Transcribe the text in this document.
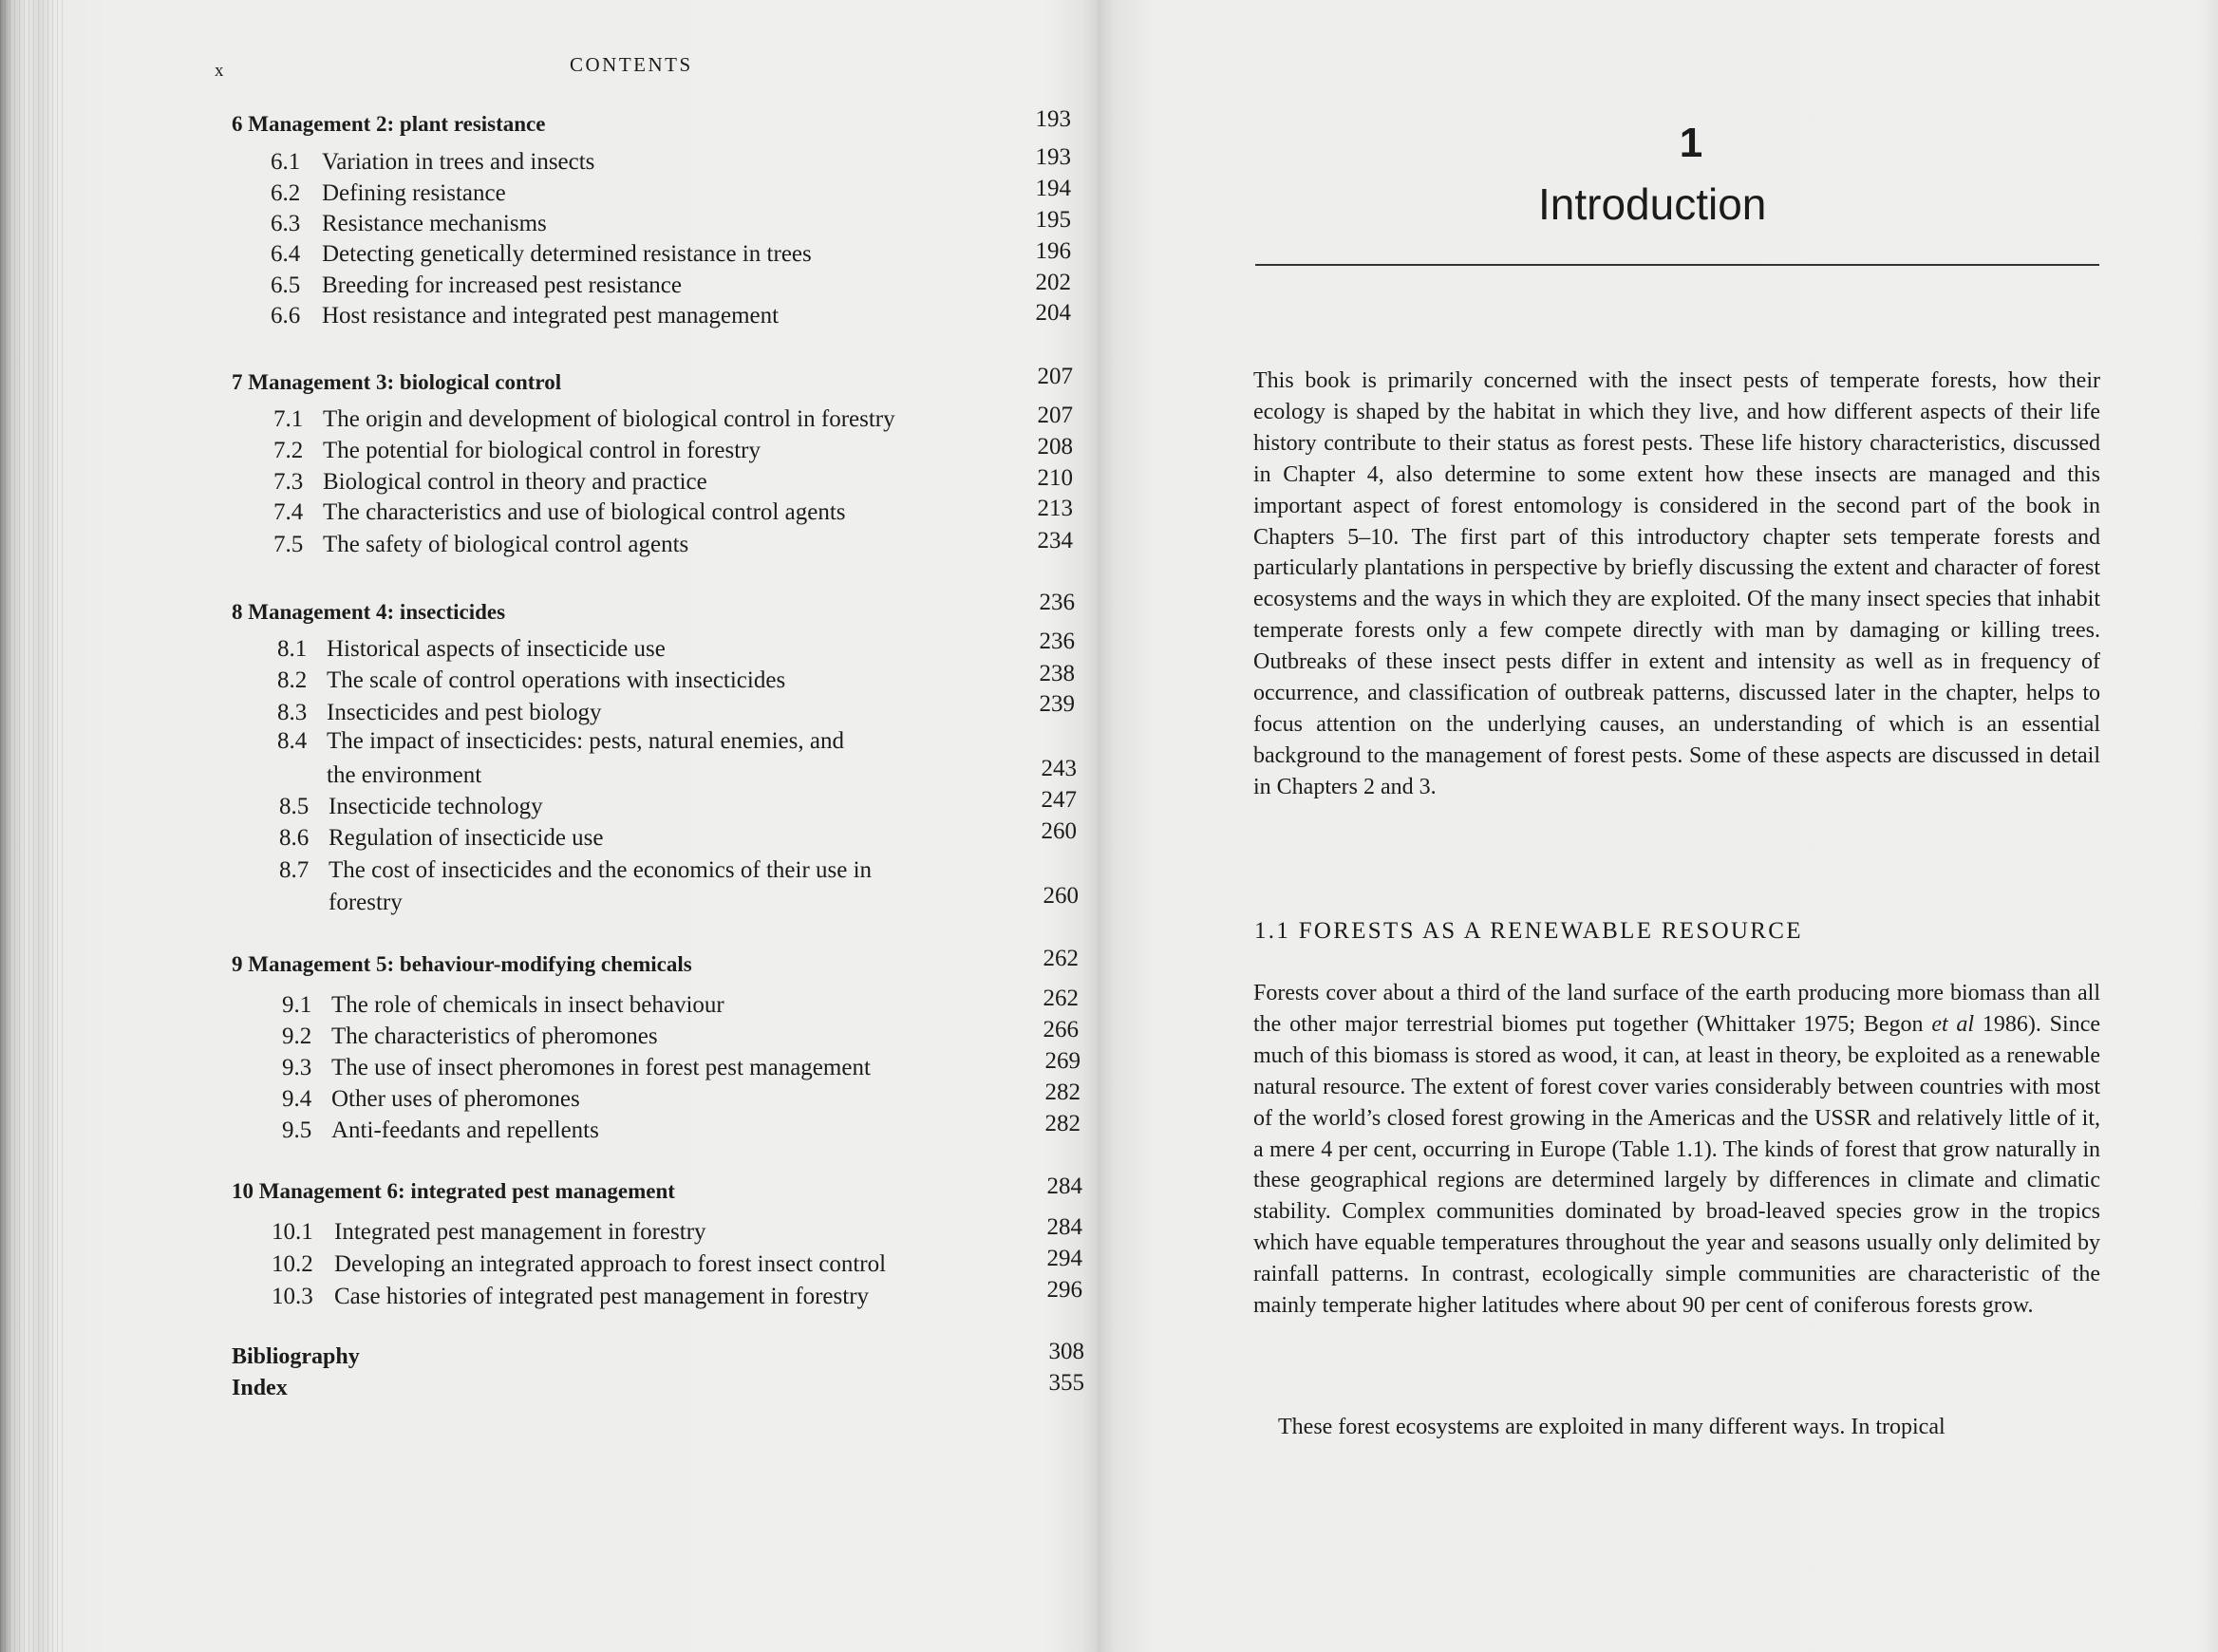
x	CONTENTS
6 Management 2: plant resistance	193
6.1 Variation in trees and insects	193
6.2 Defining resistance	194
6.3 Resistance mechanisms	195
6.4 Detecting genetically determined resistance in trees	196
6.5 Breeding for increased pest resistance	202
6.6 Host resistance and integrated pest management	204
7 Management 3: biological control	207
7.1 The origin and development of biological control in forestry	207
7.2 The potential for biological control in forestry	208
7.3 Biological control in theory and practice	210
7.4 The characteristics and use of biological control agents	213
7.5 The safety of biological control agents	234
8 Management 4: insecticides	236
8.1 Historical aspects of insecticide use	236
8.2 The scale of control operations with insecticides	238
8.3 Insecticides and pest biology	239
8.4 The impact of insecticides: pests, natural enemies, and
the environment	243
8.5 Insecticide technology	247
8.6 Regulation of insecticide use	260
8.7 The cost of insecticides and the economics of their use in
forestry	260
9 Management 5: behaviour-modifying chemicals	262
9.1 The role of chemicals in insect behaviour	262
9.2 The characteristics of pheromones	266
9.3 The use of insect pheromones in forest pest management	269
9.4 Other uses of pheromones	282
9.5 Anti-feedants and repellents	282
10 Management 6: integrated pest management	284
10.1 Integrated pest management in forestry	284
10.2 Developing an integrated approach to forest insect control	294
10.3 Case histories of integrated pest management in forestry	296
Bibliography	308
Index	355
1
Introduction

This book is primarily concerned with the insect pests of temperate forests, how their ecology is shaped by the habitat in which they live, and how different aspects of their life history contribute to their status as forest pests. These life history characteristics, discussed in Chapter 4, also determine to some extent how these insects are managed and this important aspect of forest entomology is considered in the second part of the book in Chapters 5–10. The first part of this introductory chapter sets temperate forests and particularly plantations in perspective by briefly discussing the extent and character of forest ecosystems and the ways in which they are exploited. Of the many insect species that inhabit temperate forests only a few compete directly with man by damaging or killing trees. Outbreaks of these insect pests differ in extent and intensity as well as in frequency of occurrence, and classification of outbreak patterns, discussed later in the chapter, helps to focus attention on the underlying causes, an understanding of which is an essential background to the management of forest pests. Some of these aspects are discussed in detail in Chapters 2 and 3.

1.1 FORESTS AS A RENEWABLE RESOURCE

Forests cover about a third of the land surface of the earth producing more biomass than all the other major terrestrial biomes put together (Whittaker 1975; Begon et al 1986). Since much of this biomass is stored as wood, it can, at least in theory, be exploited as a renewable natural resource. The extent of forest cover varies considerably between countries with most of the world’s closed forest growing in the Americas and the USSR and relatively little of it, a mere 4 per cent, occurring in Europe (Table 1.1). The kinds of forest that grow naturally in these geographical regions are determined largely by differences in climate and climatic stability. Complex communities dominated by broad-leaved species grow in the tropics which have equable temperatures throughout the year and seasons usually only delimited by rainfall patterns. In contrast, ecologically simple communities are characteristic of the mainly temperate higher latitudes where about 90 per cent of coniferous forests grow.

These forest ecosystems are exploited in many different ways. In tropical
